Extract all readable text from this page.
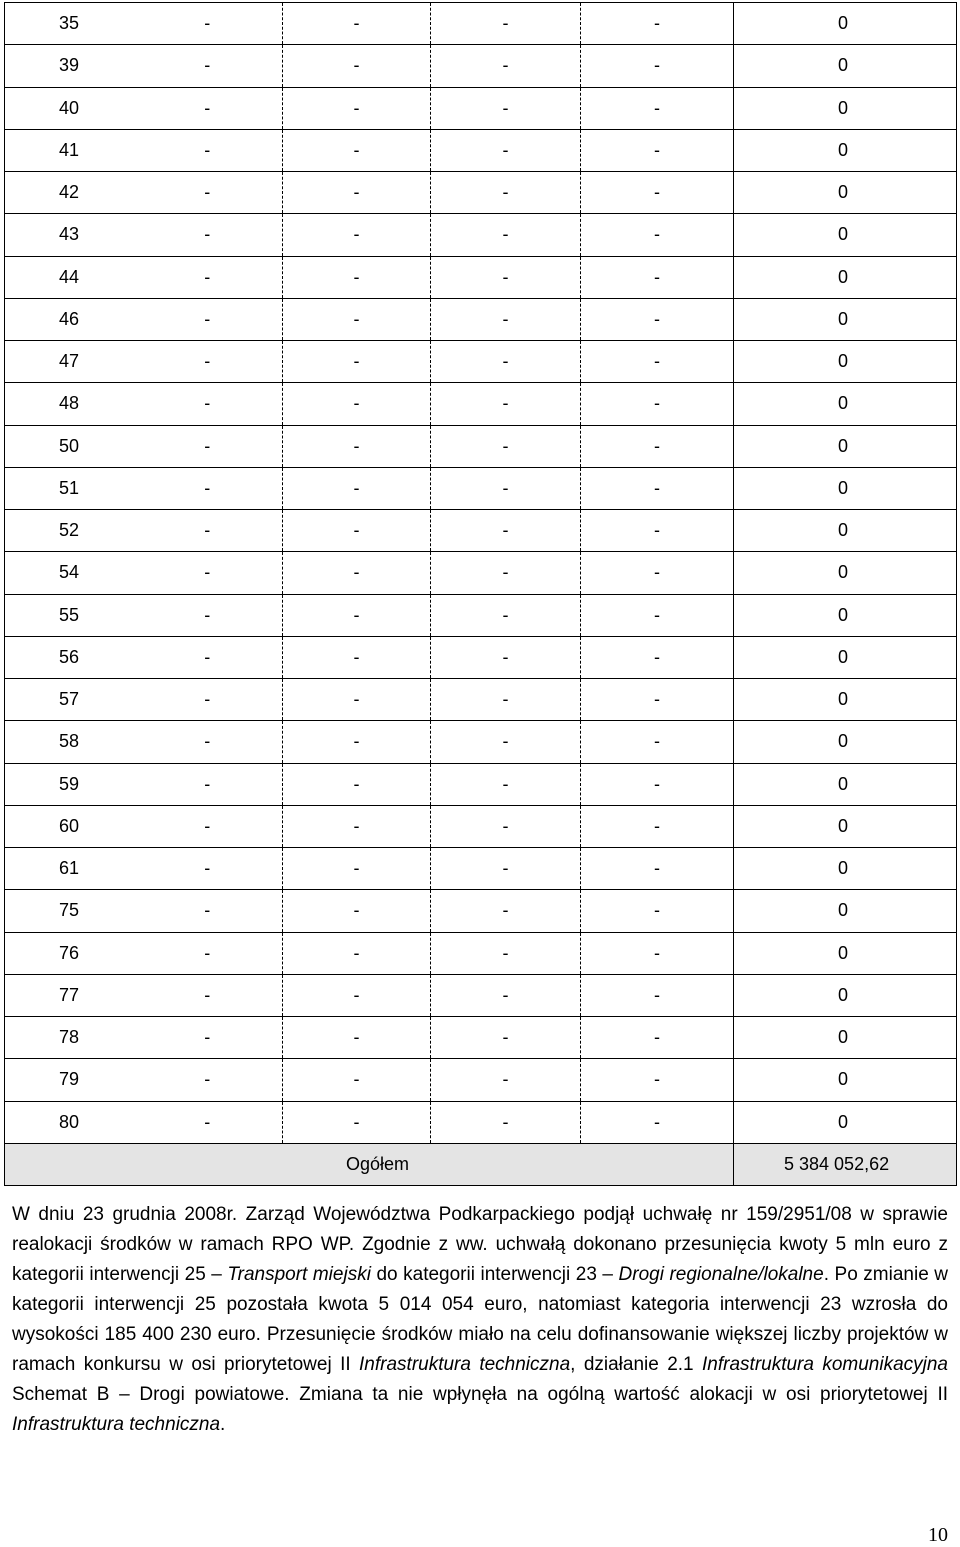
35	-	-	-	-	0
39	-	-	-	-	0
40	-	-	-	-	0
41	-	-	-	-	0
42	-	-	-	-	0
43	-	-	-	-	0
44	-	-	-	-	0
46	-	-	-	-	0
47	-	-	-	-	0
48	-	-	-	-	0
50	-	-	-	-	0
51	-	-	-	-	0
52	-	-	-	-	0
54	-	-	-	-	0
55	-	-	-	-	0
56	-	-	-	-	0
57	-	-	-	-	0
58	-	-	-	-	0
59	-	-	-	-	0
60	-	-	-	-	0
61	-	-	-	-	0
75	-	-	-	-	0
76	-	-	-	-	0
77	-	-	-	-	0
78	-	-	-	-	0
79	-	-	-	-	0
80	-	-	-	-	0
Ogółem					5 384 052,62

W dniu 23 grudnia 2008r. Zarząd Województwa Podkarpackiego podjął uchwałę nr 159/2951/08 w sprawie realokacji środków w ramach RPO WP. Zgodnie z ww. uchwałą dokonano przesunięcia kwoty 5 mln euro z kategorii interwencji 25 – Transport miejski do kategorii interwencji 23 – Drogi regionalne/lokalne. Po zmianie w kategorii interwencji 25 pozostała kwota 5 014 054 euro, natomiast kategoria interwencji 23 wzrosła do wysokości 185 400 230 euro. Przesunięcie środków miało na celu dofinansowanie większej liczby projektów w ramach konkursu w osi priorytetowej II Infrastruktura techniczna, działanie 2.1 Infrastruktura komunikacyjna Schemat B – Drogi powiatowe. Zmiana ta nie wpłynęła na ogólną wartość alokacji w osi priorytetowej II Infrastruktura techniczna.

10
